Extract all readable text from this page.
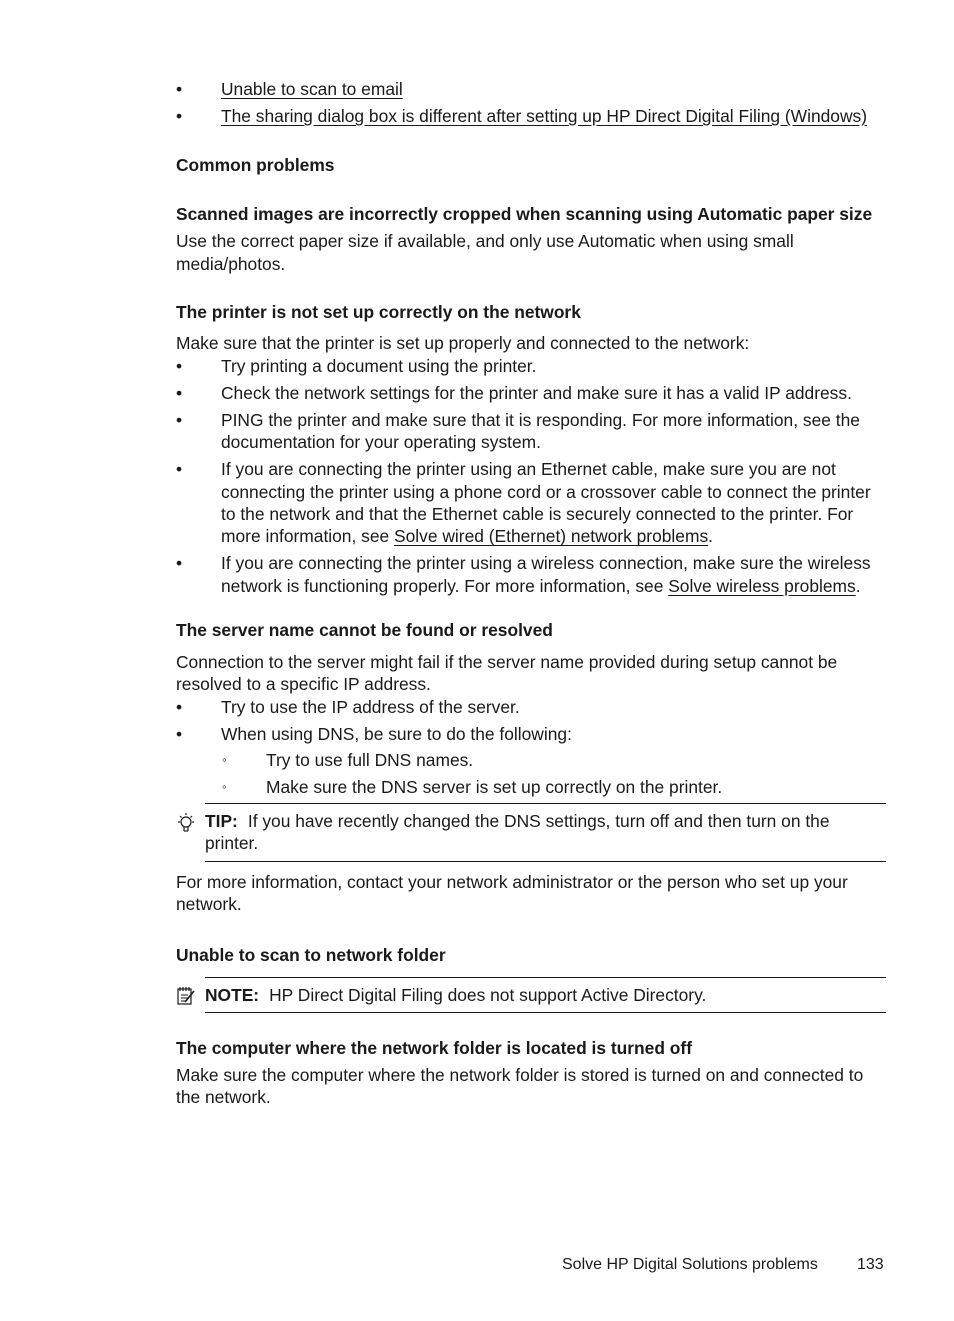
• Unable to scan to email
• The sharing dialog box is different after setting up HP Direct Digital Filing (Windows)
Common problems
Scanned images are incorrectly cropped when scanning using Automatic paper size

Use the correct paper size if available, and only use Automatic when using small media/photos.

The printer is not set up correctly on the network

Make sure that the printer is set up properly and connected to the network:

• Try printing a document using the printer.
• Check the network settings for the printer and make sure it has a valid IP address.
• PING the printer and make sure that it is responding. For more information, see the documentation for your operating system.
• If you are connecting the printer using an Ethernet cable, make sure you are not connecting the printer using a phone cord or a crossover cable to connect the printer to the network and that the Ethernet cable is securely connected to the printer. For more information, see Solve wired (Ethernet) network problems.
• If you are connecting the printer using a wireless connection, make sure the wireless network is functioning properly. For more information, see Solve wireless problems.
The server name cannot be found or resolved

Connection to the server might fail if the server name provided during setup cannot be resolved to a specific IP address.

• Try to use the IP address of the server.
• When using DNS, be sure to do the following:
◦ Try to use full DNS names.
◦ Make sure the DNS server is set up correctly on the printer.
TIP: If you have recently changed the DNS settings, turn off and then turn on the printer.

For more information, contact your network administrator or the person who set up your network.

Unable to scan to network folder
NOTE: HP Direct Digital Filing does not support Active Directory.
The computer where the network folder is located is turned off

Make sure the computer where the network folder is stored is turned on and connected to the network.

Solve HP Digital Solutions problems 133
